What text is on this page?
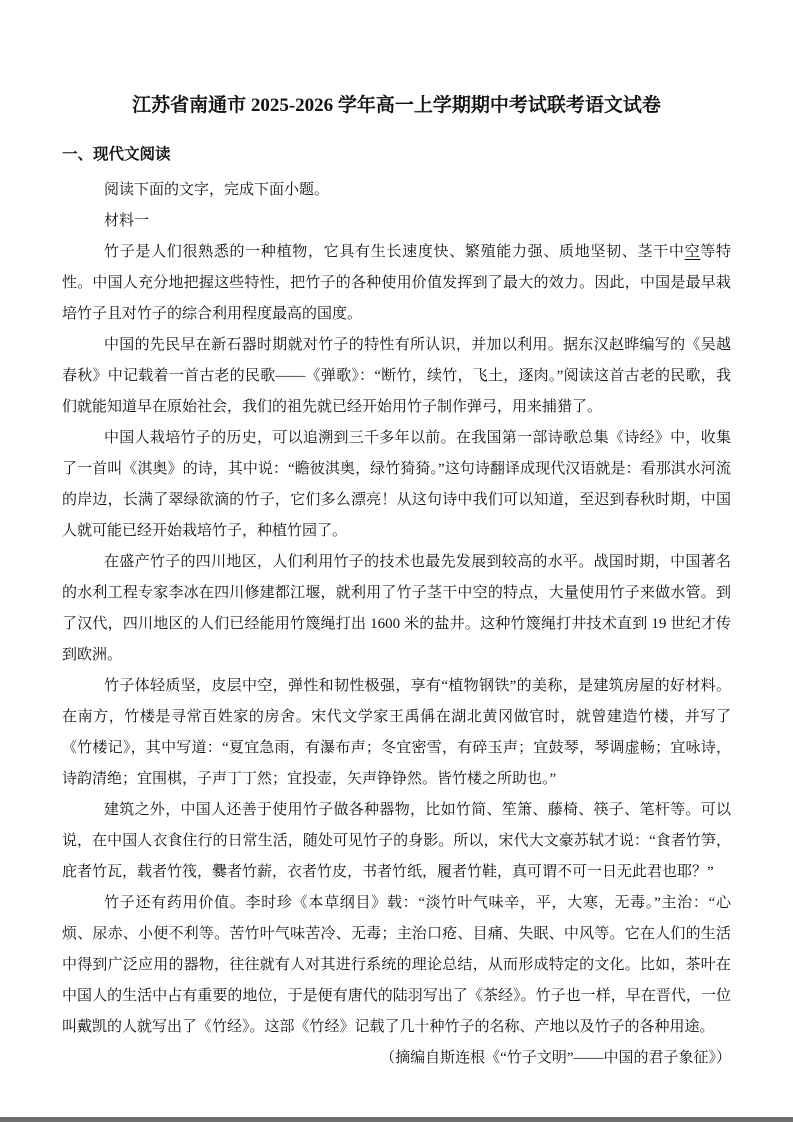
江苏省南通市 2025-2026 学年高一上学期期中考试联考语文试卷
一、现代文阅读

阅读下面的文字，完成下面小题。

材料一

竹子是人们很熟悉的一种植物，它具有生长速度快、繁殖能力强、质地坚韧、茎干中空等特性。中国人充分地把握这些特性，把竹子的各种使用价值发挥到了最大的效力。因此，中国是最早栽培竹子且对竹子的综合利用程度最高的国度。

中国的先民早在新石器时期就对竹子的特性有所认识，并加以利用。据东汉赵晔编写的《吴越春秋》中记载着一首古老的民歌——《弹歌》：“断竹，续竹，飞土，逐肉。”阅读这首古老的民歌，我们就能知道早在原始社会，我们的祖先就已经开始用竹子制作弹弓，用来捕猎了。

中国人栽培竹子的历史，可以追溯到三千多年以前。在我国第一部诗歌总集《诗经》中，收集了一首叫《淇奥》的诗，其中说：“瞻彼淇奥，绿竹猗猗。”这句诗翻译成现代汉语就是：看那淇水河流的岸边，长满了翠绿欲滴的竹子，它们多么漂亮！从这句诗中我们可以知道，至迟到春秋时期，中国人就可能已经开始栽培竹子，种植竹园了。

在盛产竹子的四川地区，人们利用竹子的技术也最先发展到较高的水平。战国时期，中国著名的水利工程专家李冰在四川修建都江堰，就利用了竹子茎干中空的特点，大量使用竹子来做水管。到了汉代，四川地区的人们已经能用竹篾绳打出 1600 米的盐井。这种竹篾绳打井技术直到 19 世纪才传到欧洲。

竹子体轻质坚，皮层中空，弹性和韧性极强，享有“植物钢铁”的美称，是建筑房屋的好材料。在南方，竹楼是寻常百姓家的房舍。宋代文学家王禹偁在湖北黄冈做官时，就曾建造竹楼，并写了《竹楼记》，其中写道：“夏宜急雨，有瀑布声；冬宜密雪，有碎玉声；宜鼓琴，琴调虚畅；宜咏诗，诗韵清绝；宜围棋，子声丁丁然；宜投壶，矢声铮铮然。皆竹楼之所助也。”

建筑之外，中国人还善于使用竹子做各种器物，比如竹简、笙箫、藤椅、筷子、笔杆等。可以说，在中国人衣食住行的日常生活，随处可见竹子的身影。所以，宋代大文豪苏轼才说：“食者竹笋，庇者竹瓦，载者竹筏，爨者竹薪，衣者竹皮，书者竹纸，履者竹鞋，真可谓不可一日无此君也耶？”

竹子还有药用价值。李时珍《本草纲目》载：“淡竹叶气味辛，平，大寒，无毒。”主治：“心烦、尿赤、小便不利等。苦竹叶气味苦冷、无毒；主治口疮、目痛、失眠、中风等。它在人们的生活中得到广泛应用的器物，往往就有人对其进行系统的理论总结，从而形成特定的文化。比如，茶叶在中国人的生活中占有重要的地位，于是便有唐代的陆羽写出了《茶经》。竹子也一样，早在晋代，一位叫戴凯的人就写出了《竹经》。这部《竹经》记载了几十种竹子的名称、产地以及竹子的各种用途。

（摘编自斯连根《“竹子文明”——中国的君子象征》）
